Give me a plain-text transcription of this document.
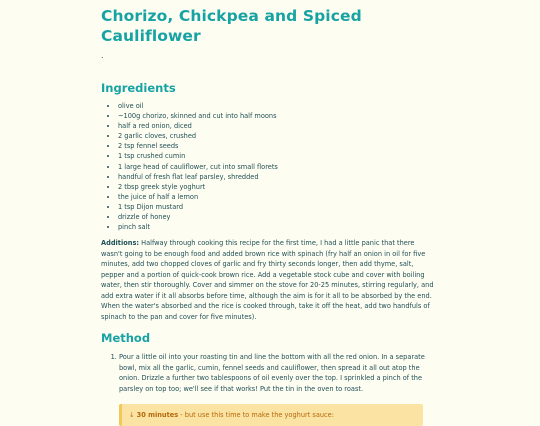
Chorizo, Chickpea and Spiced Cauliflower
.
Ingredients
• olive oil
• ~100g chorizo, skinned and cut into half moons
• half a red onion, diced
• 2 garlic cloves, crushed
• 2 tsp fennel seeds
• 1 tsp crushed cumin
• 1 large head of cauliflower, cut into small florets
• handful of fresh flat leaf parsley, shredded
• 2 tbsp greek style yoghurt
• the juice of half a lemon
• 1 tsp Dijon mustard
• drizzle of honey
• pinch salt

Additions: Halfway through cooking this recipe for the first time, I had a little panic that there wasn't going to be enough food and added brown rice with spinach (fry half an onion in oil for five minutes, add two chopped cloves of garlic and fry thirty seconds longer, then add thyme, salt, pepper and a portion of quick-cook brown rice. Add a vegetable stock cube and cover with boiling water, then stir thoroughly. Cover and simmer on the stove for 20-25 minutes, stirring regularly, and add extra water if it all absorbs before time, although the aim is for it all to be absorbed by the end. When the water's absorbed and the rice is cooked through, take it off the heat, add two handfuls of spinach to the pan and cover for five minutes).

Method
1. Pour a little oil into your roasting tin and line the bottom with all the red onion. In a separate bowl, mix all the garlic, cumin, fennel seeds and cauliflower, then spread it all out atop the onion. Drizzle a further two tablespoons of oil evenly over the top. I sprinkled a pinch of the parsley on top too; we'll see if that works! Put the tin in the oven to roast.
↓ 30 minutes - but use this time to make the yoghurt sauce:
